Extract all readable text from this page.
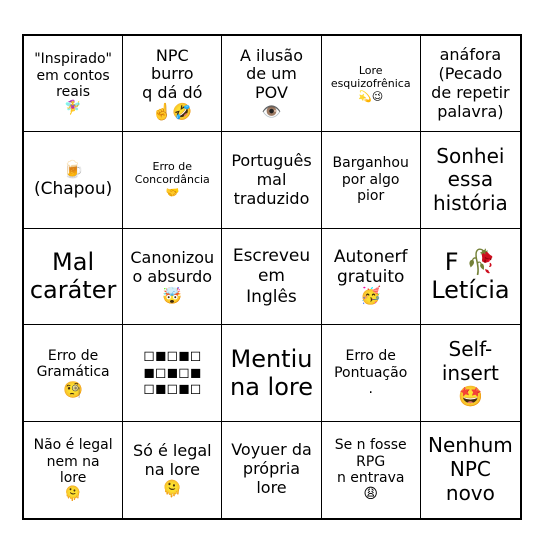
"Inspirado"
em contos
reais
🧚‍♀️
NPC
burro
q dá dó
☝️🤣
A ilusão
de um
POV
👁️
Lore
esquizofrênica
💫😉
anáfora
(Pecado
de repetir
palavra)
🍺
(Chapou)
Erro de
Concordância
🤝
Português
mal
traduzido
Barganhou
por algo
pior
Sonhei
essa
história
Mal
caráter
Canonizou
o absurdo
🤯
Escreveu
em
Inglês
Autonerf
gratuito
🥳
F 🥀
Letícia
Erro de
Gramática
🧐
◻◼◻◼◻
◼◻◼◻◼
◻◼◻◼◻
Mentiu
na lore
Erro de
Pontuação
.
Self-
insert
🤩
Não é legal
nem na
lore
🫠
Só é legal
na lore
🫠
Voyuer da
própria
lore
Se n fosse
RPG
n entrava
😩
Nenhum
NPC
novo
